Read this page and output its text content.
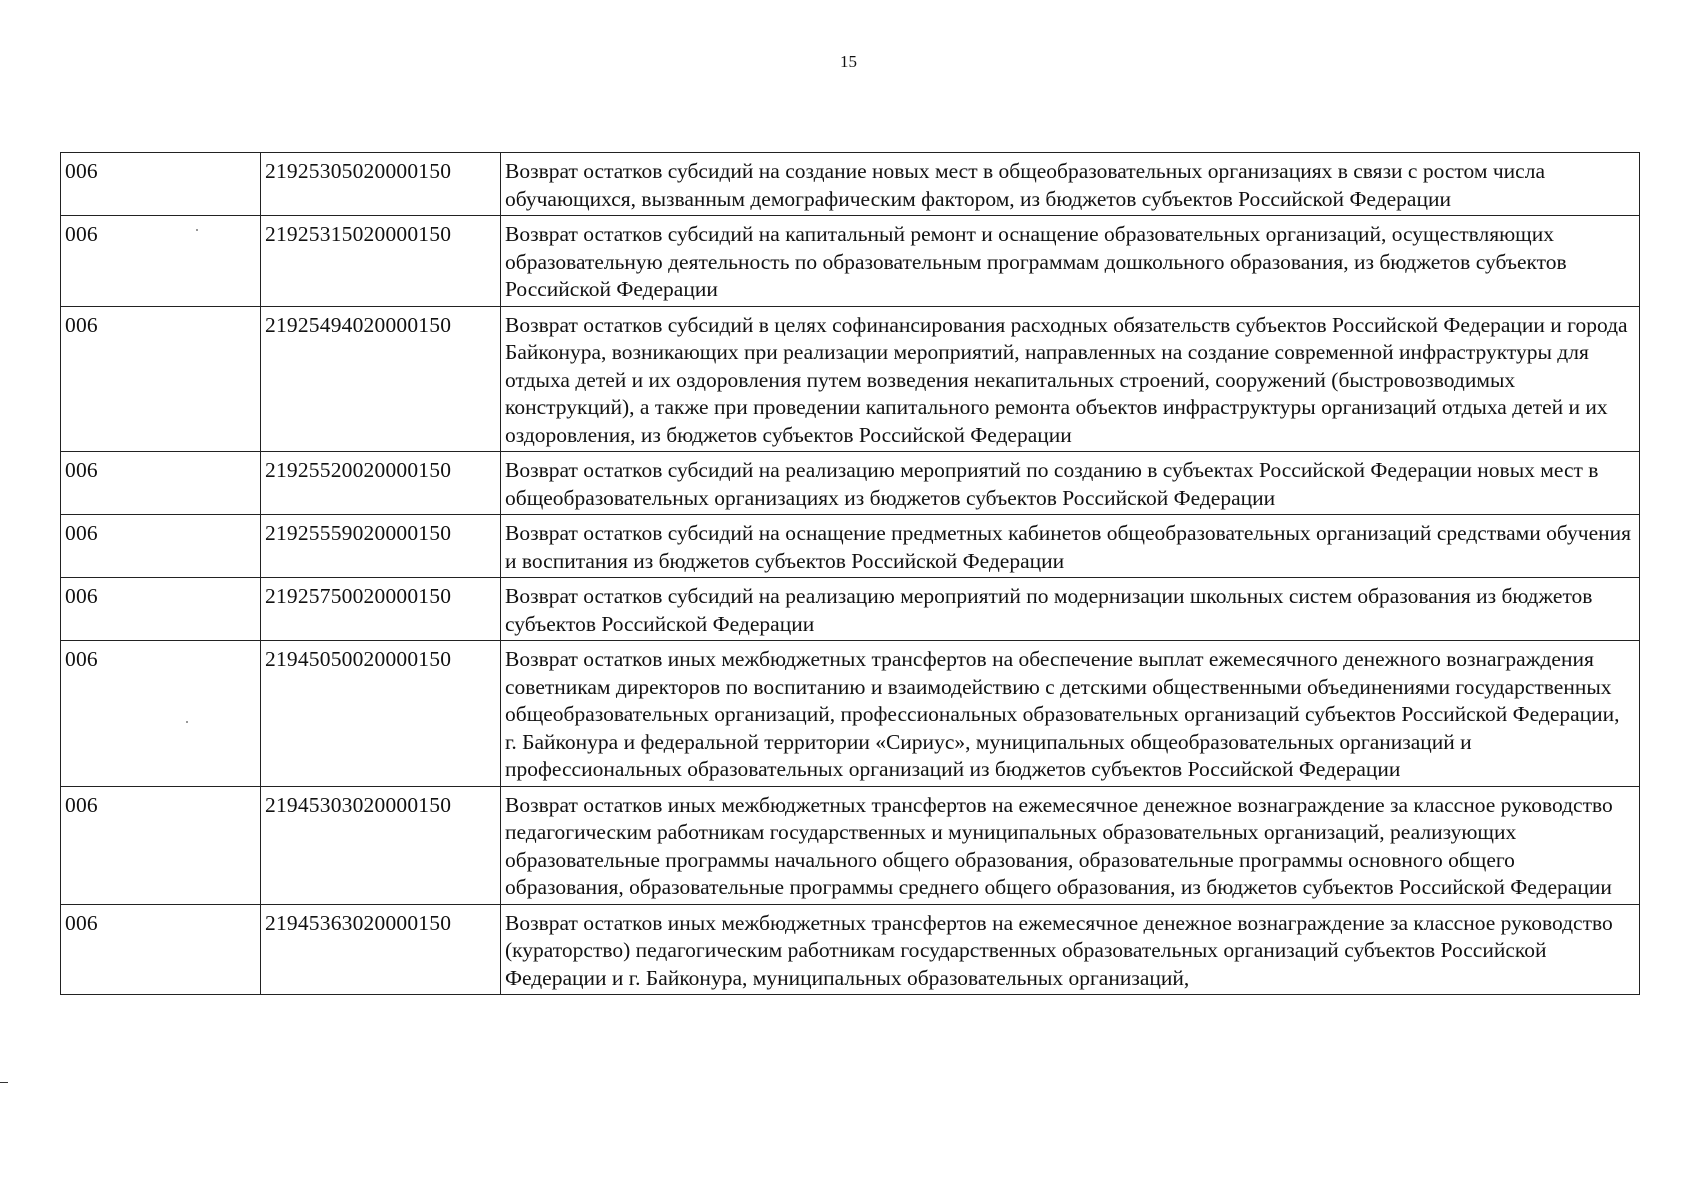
15
006	21925305020000150	Возврат остатков субсидий на создание новых мест в общеобразовательных организациях в связи с ростом числа обучающихся, вызванным демографическим фактором, из бюджетов субъектов Российской Федерации
006	21925315020000150	Возврат остатков субсидий на капитальный ремонт и оснащение образовательных организаций, осуществляющих образовательную деятельность по образовательным программам дошкольного образования, из бюджетов субъектов Российской Федерации
006	21925494020000150	Возврат остатков субсидий в целях софинансирования расходных обязательств субъектов Российской Федерации и города Байконура, возникающих при реализации мероприятий, направленных на создание современной инфраструктуры для отдыха детей и их оздоровления путем возведения некапитальных строений, сооружений (быстровозводимых конструкций), а также при проведении капитального ремонта объектов инфраструктуры организаций отдыха детей и их оздоровления, из бюджетов субъектов Российской Федерации
006	21925520020000150	Возврат остатков субсидий на реализацию мероприятий по созданию в субъектах Российской Федерации новых мест в общеобразовательных организациях из бюджетов субъектов Российской Федерации
006	21925559020000150	Возврат остатков субсидий на оснащение предметных кабинетов общеобразовательных организаций средствами обучения и воспитания из бюджетов субъектов Российской Федерации
006	21925750020000150	Возврат остатков субсидий на реализацию мероприятий по модернизации школьных систем образования из бюджетов субъектов Российской Федерации
006	21945050020000150	Возврат остатков иных межбюджетных трансфертов на обеспечение выплат ежемесячного денежного вознаграждения советникам директоров по воспитанию и взаимодействию с детскими общественными объединениями государственных общеобразовательных организаций, профессиональных образовательных организаций субъектов Российской Федерации, г. Байконура и федеральной территории «Сириус», муниципальных общеобразовательных организаций и профессиональных образовательных организаций из бюджетов субъектов Российской Федерации
006	21945303020000150	Возврат остатков иных межбюджетных трансфертов на ежемесячное денежное вознаграждение за классное руководство педагогическим работникам государственных и муниципальных образовательных организаций, реализующих образовательные программы начального общего образования, образовательные программы основного общего образования, образовательные программы среднего общего образования, из бюджетов субъектов Российской Федерации
006	21945363020000150	Возврат остатков иных межбюджетных трансфертов на ежемесячное денежное вознаграждение за классное руководство (кураторство) педагогическим работникам государственных образовательных организаций субъектов Российской Федерации и г. Байконура, муниципальных образовательных организаций,
